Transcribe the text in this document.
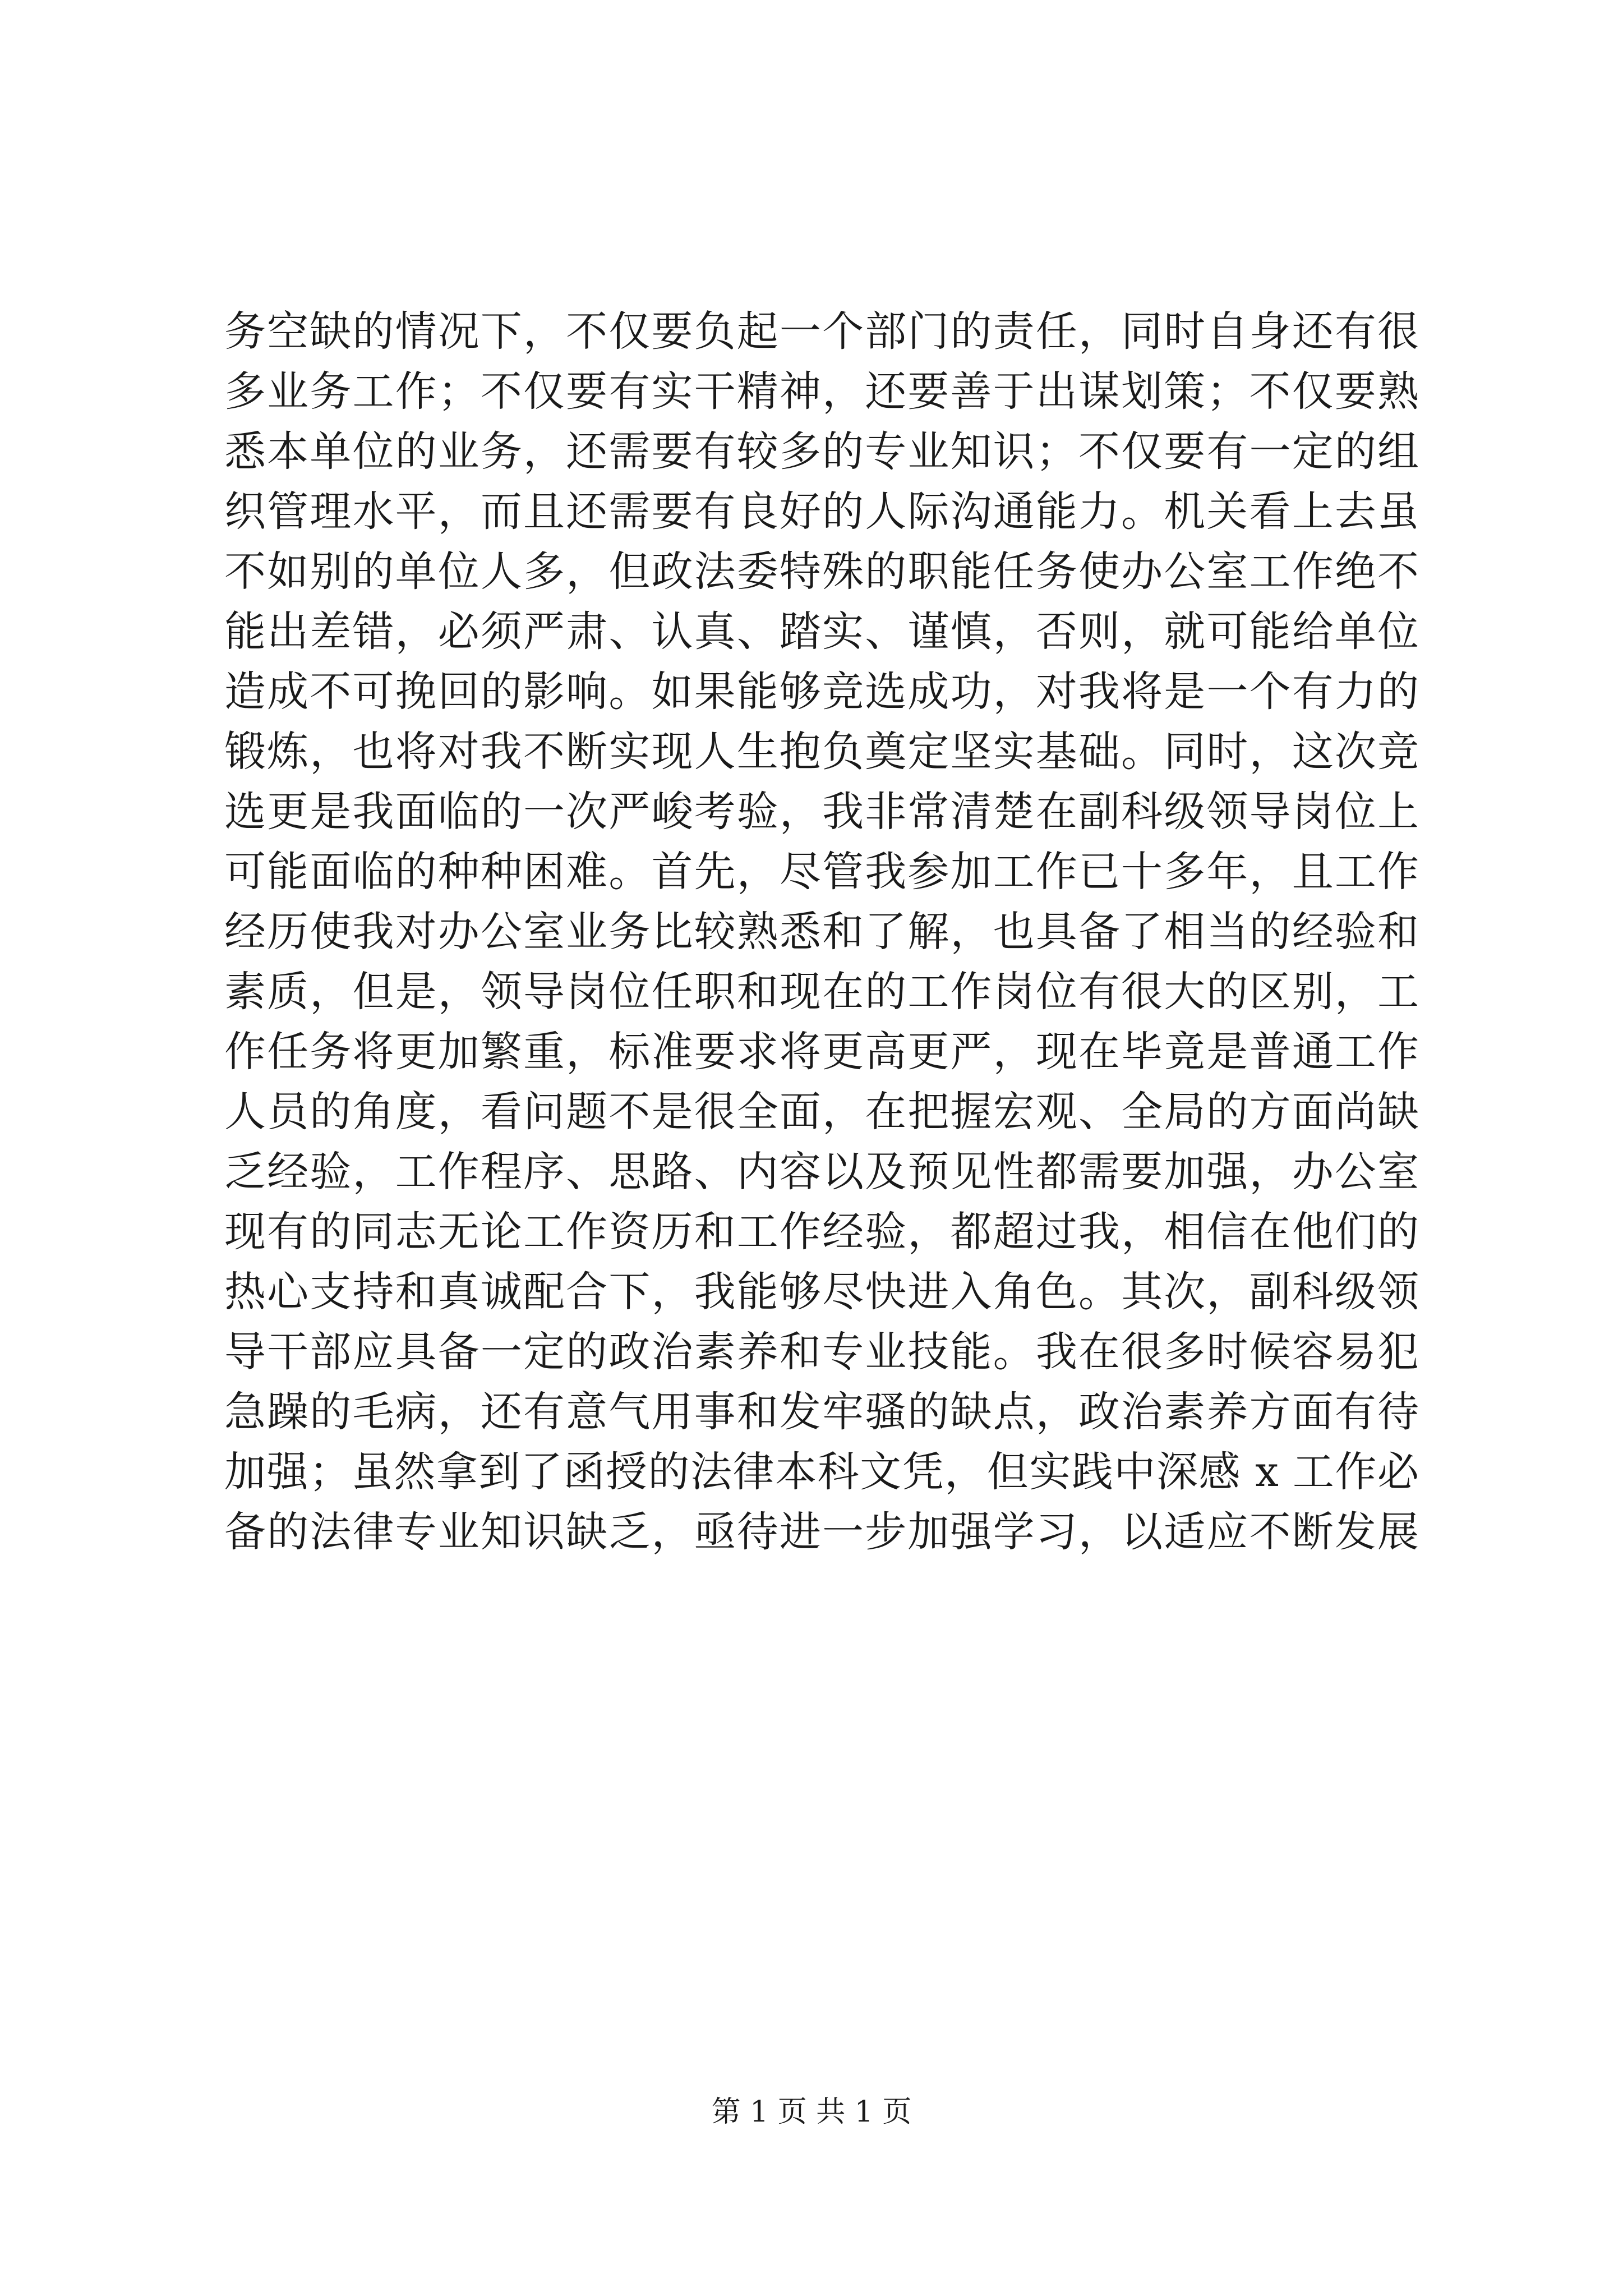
务空缺的情况下，不仅要负起一个部门的责任，同时自身还有很
多业务工作；不仅要有实干精神，还要善于出谋划策；不仅要熟
悉本单位的业务，还需要有较多的专业知识；不仅要有一定的组
织管理水平，而且还需要有良好的人际沟通能力。机关看上去虽
不如别的单位人多，但政法委特殊的职能任务使办公室工作绝不
能出差错，必须严肃、认真、踏实、谨慎，否则，就可能给单位
造成不可挽回的影响。如果能够竞选成功，对我将是一个有力的
锻炼，也将对我不断实现人生抱负奠定坚实基础。同时，这次竞
选更是我面临的一次严峻考验，我非常清楚在副科级领导岗位上
可能面临的种种困难。首先，尽管我参加工作已十多年，且工作
经历使我对办公室业务比较熟悉和了解，也具备了相当的经验和
素质，但是，领导岗位任职和现在的工作岗位有很大的区别，工
作任务将更加繁重，标准要求将更高更严，现在毕竟是普通工作
人员的角度，看问题不是很全面，在把握宏观、全局的方面尚缺
乏经验，工作程序、思路、内容以及预见性都需要加强，办公室
现有的同志无论工作资历和工作经验，都超过我，相信在他们的
热心支持和真诚配合下，我能够尽快进入角色。其次，副科级领
导干部应具备一定的政治素养和专业技能。我在很多时候容易犯
急躁的毛病，还有意气用事和发牢骚的缺点，政治素养方面有待
加强；虽然拿到了函授的法律本科文凭，但实践中深感 x 工作必
备的法律专业知识缺乏，亟待进一步加强学习，以适应不断发展
第 1 页 共 1 页
